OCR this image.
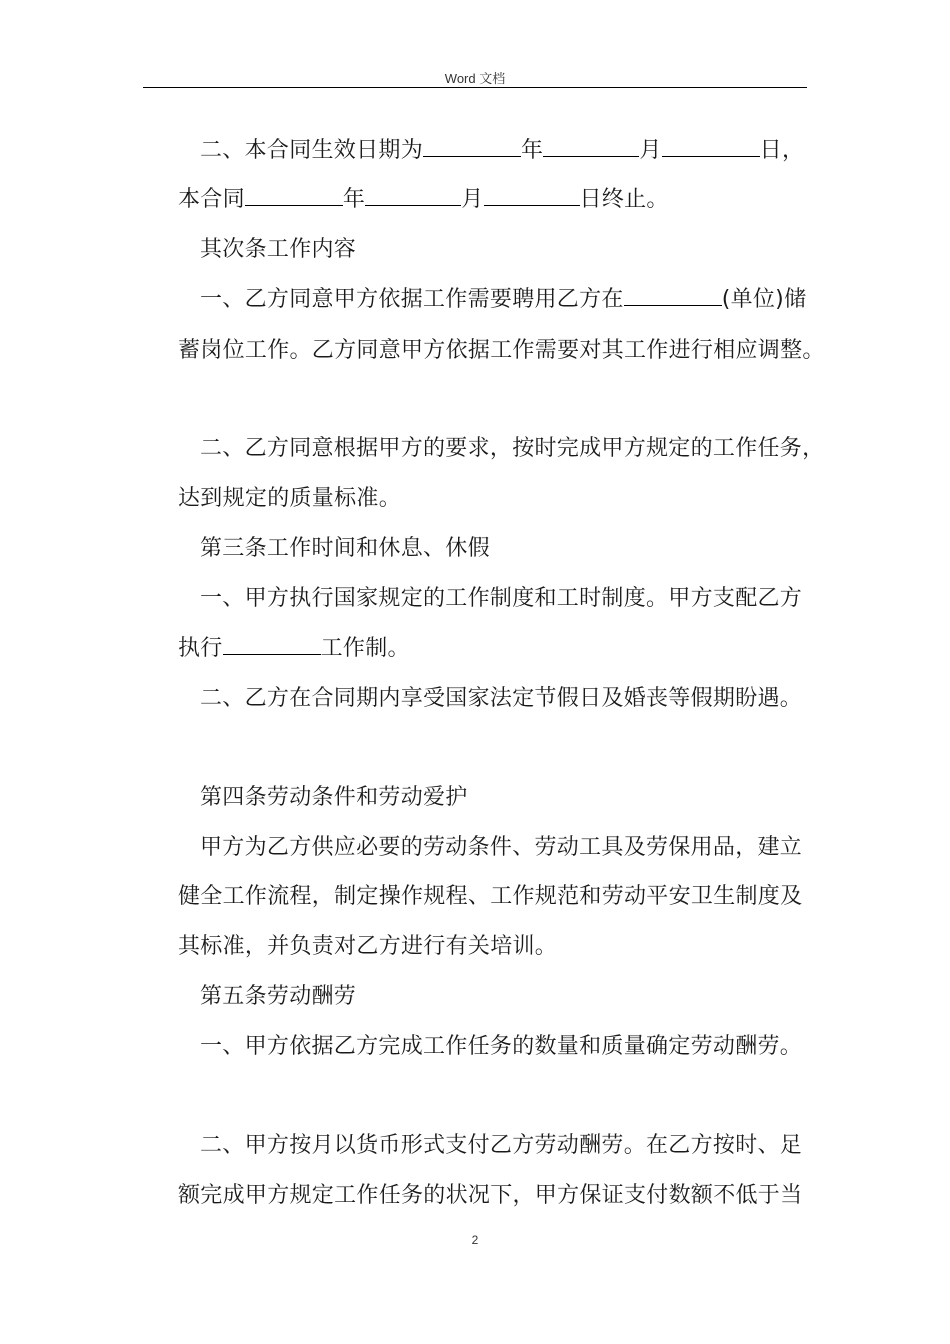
Word 文档
二、本合同生效日期为	年	月	日，
本合同	年	月	日终止。
其次条工作内容
一、乙方同意甲方依据工作需要聘用乙方在	(单位)储
蓄岗位工作。乙方同意甲方依据工作需要对其工作进行相应调整。
二、乙方同意根据甲方的要求，按时完成甲方规定的工作任务，
达到规定的质量标准。
第三条工作时间和休息、休假
一、甲方执行国家规定的工作制度和工时制度。甲方支配乙方
执行	工作制。
二、乙方在合同期内享受国家法定节假日及婚丧等假期盼遇。
第四条劳动条件和劳动爱护
甲方为乙方供应必要的劳动条件、劳动工具及劳保用品，建立
健全工作流程，制定操作规程、工作规范和劳动平安卫生制度及
其标准，并负责对乙方进行有关培训。
第五条劳动酬劳
一、甲方依据乙方完成工作任务的数量和质量确定劳动酬劳。
二、甲方按月以货币形式支付乙方劳动酬劳。在乙方按时、足
额完成甲方规定工作任务的状况下，甲方保证支付数额不低于当
2
